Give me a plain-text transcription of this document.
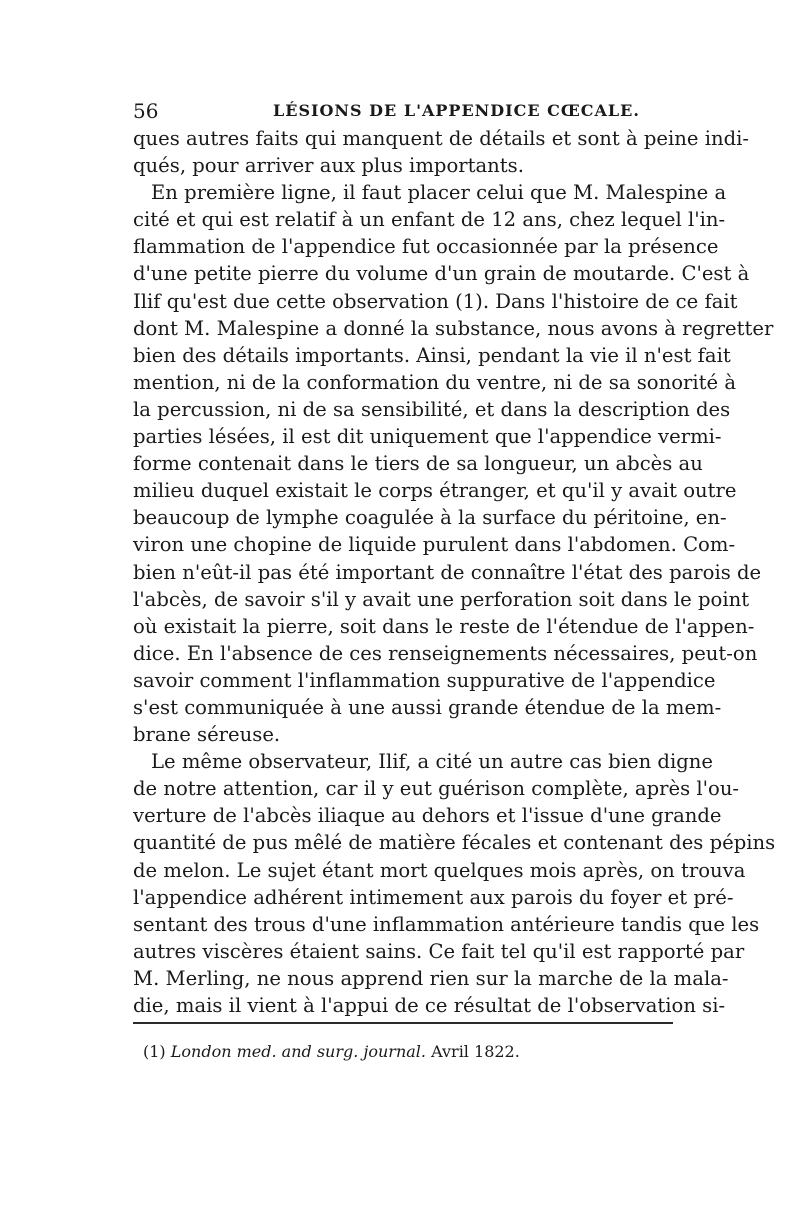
56	LÉSIONS DE L'APPENDICE CŒCALE.
ques autres faits qui manquent de détails et sont à peine indi-
qués, pour arriver aux plus importants.
En première ligne, il faut placer celui que M. Malespine a
cité et qui est relatif à un enfant de 12 ans, chez lequel l'in-
flammation de l'appendice fut occasionnée par la présence
d'une petite pierre du volume d'un grain de moutarde. C'est à
Ilif qu'est due cette observation (1). Dans l'histoire de ce fait
dont M. Malespine a donné la substance, nous avons à regretter
bien des détails importants. Ainsi, pendant la vie il n'est fait
mention, ni de la conformation du ventre, ni de sa sonorité à
la percussion, ni de sa sensibilité, et dans la description des
parties lésées, il est dit uniquement que l'appendice vermi-
forme contenait dans le tiers de sa longueur, un abcès au
milieu duquel existait le corps étranger, et qu'il y avait outre
beaucoup de lymphe coagulée à la surface du péritoine, en-
viron une chopine de liquide purulent dans l'abdomen. Com-
bien n'eût-il pas été important de connaître l'état des parois de
l'abcès, de savoir s'il y avait une perforation soit dans le point
où existait la pierre, soit dans le reste de l'étendue de l'appen-
dice. En l'absence de ces renseignements nécessaires, peut-on
savoir comment l'inflammation suppurative de l'appendice
s'est communiquée à une aussi grande étendue de la mem-
brane séreuse.
Le même observateur, Ilif, a cité un autre cas bien digne
de notre attention, car il y eut guérison complète, après l'ou-
verture de l'abcès iliaque au dehors et l'issue d'une grande
quantité de pus mêlé de matière fécales et contenant des pépins
de melon. Le sujet étant mort quelques mois après, on trouva
l'appendice adhérent intimement aux parois du foyer et pré-
sentant des trous d'une inflammation antérieure tandis que les
autres viscères étaient sains. Ce fait tel qu'il est rapporté par
M. Merling, ne nous apprend rien sur la marche de la mala-
die, mais il vient à l'appui de ce résultat de l'observation si-
(1) London med. and surg. journal. Avril 1822.
